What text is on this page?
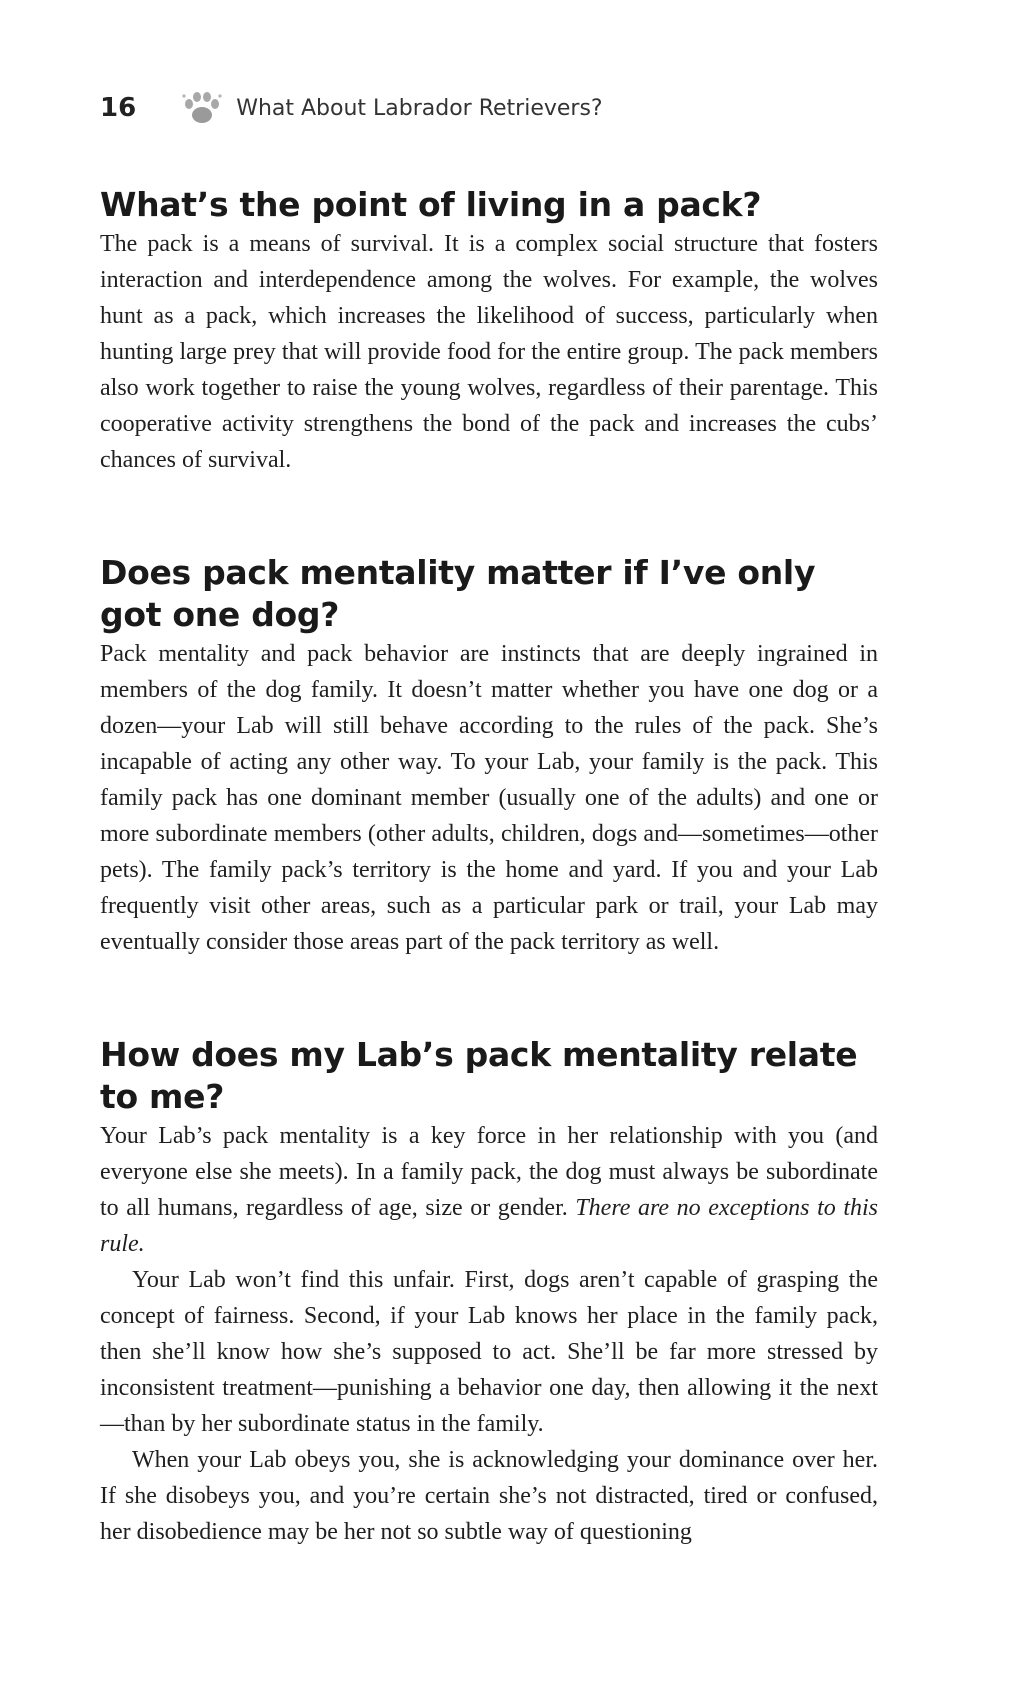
16	What About Labrador Retrievers?
What’s the point of living in a pack?

The pack is a means of survival. It is a complex social structure that fosters interaction and interdependence among the wolves. For example, the wolves hunt as a pack, which increases the likelihood of success, particularly when hunting large prey that will provide food for the entire group. The pack members also work together to raise the young wolves, regardless of their parentage. This cooperative activity strengthens the bond of the pack and increases the cubs’ chances of survival.

Does pack mentality matter if I’ve only got one dog?

Pack mentality and pack behavior are instincts that are deeply ingrained in members of the dog family. It doesn’t matter whether you have one dog or a dozen—your Lab will still behave according to the rules of the pack. She’s incapable of acting any other way. To your Lab, your family is the pack. This family pack has one dominant member (usually one of the adults) and one or more subordinate members (other adults, children, dogs and—sometimes—other pets). The family pack’s territory is the home and yard. If you and your Lab frequently visit other areas, such as a particular park or trail, your Lab may eventually consider those areas part of the pack territory as well.

How does my Lab’s pack mentality relate to me?

Your Lab’s pack mentality is a key force in her relationship with you (and everyone else she meets). In a family pack, the dog must always be subordinate to all humans, regardless of age, size or gender. There are no exceptions to this rule.

Your Lab won’t find this unfair. First, dogs aren’t capable of grasping the concept of fairness. Second, if your Lab knows her place in the family pack, then she’ll know how she’s supposed to act. She’ll be far more stressed by inconsistent treatment—punishing a behavior one day, then allowing it the next—than by her subordinate status in the family.

When your Lab obeys you, she is acknowledging your dominance over her. If she disobeys you, and you’re certain she’s not distracted, tired or confused, her disobedience may be her not so subtle way of questioning
